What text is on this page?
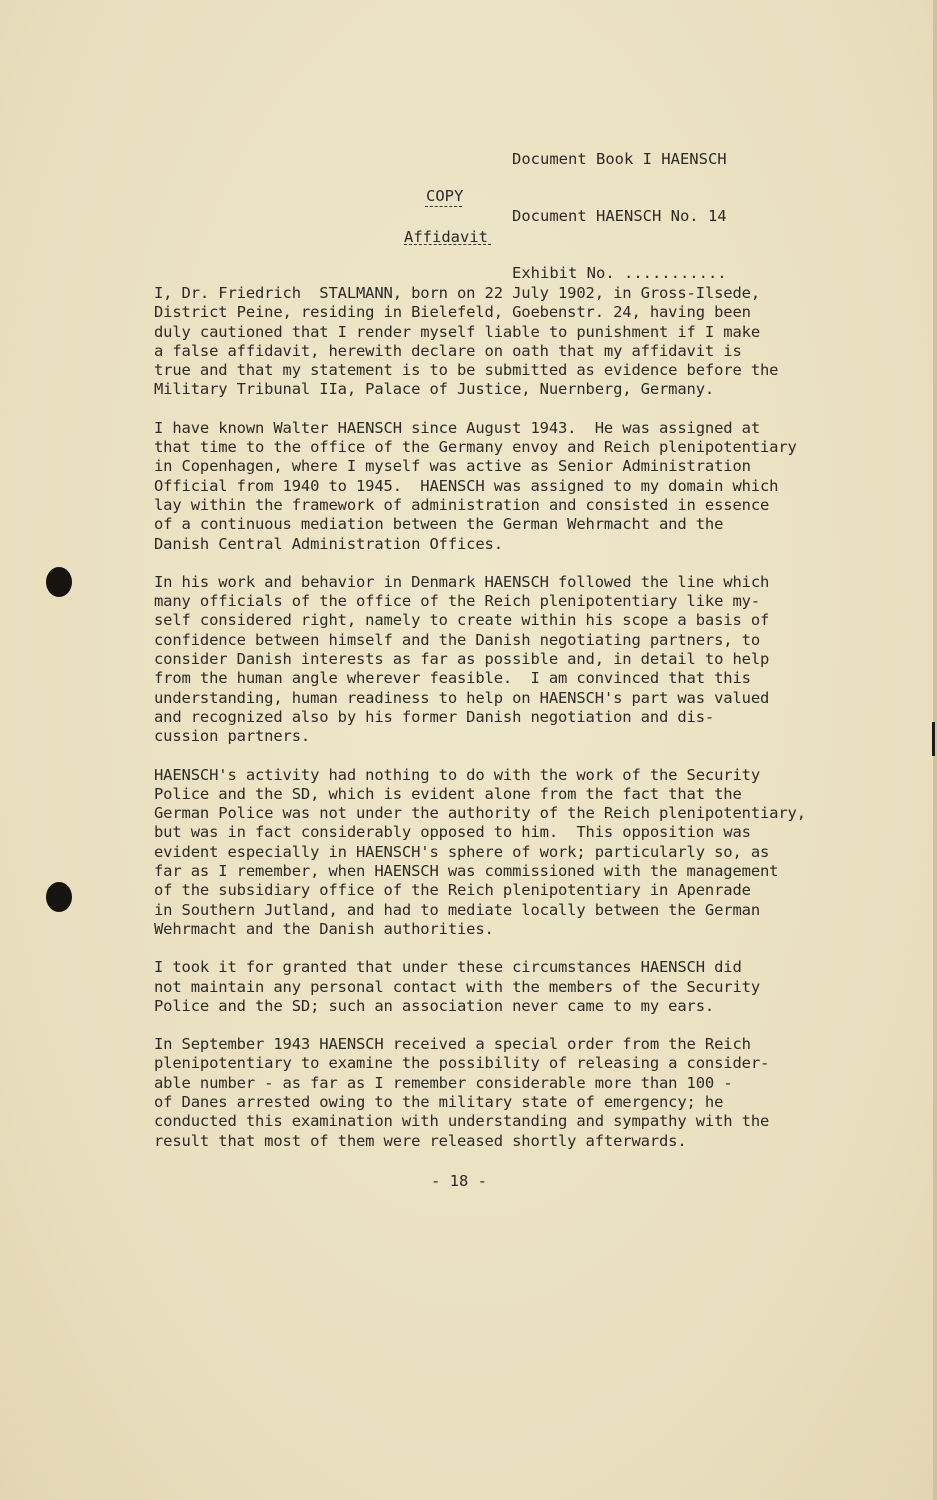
Document Book I HAENSCH

Document HAENSCH No. 14

Exhibit No. ...........

COPY
Affidavit
I, Dr. Friedrich  STALMANN, born on 22 July 1902, in Gross-Ilsede,
District Peine, residing in Bielefeld, Goebenstr. 24, having been
duly cautioned that I render myself liable to punishment if I make
a false affidavit, herewith declare on oath that my affidavit is
true and that my statement is to be submitted as evidence before the
Military Tribunal IIa, Palace of Justice, Nuernberg, Germany.
I have known Walter HAENSCH since August 1943.  He was assigned at
that time to the office of the Germany envoy and Reich plenipotentiary
in Copenhagen, where I myself was active as Senior Administration
Official from 1940 to 1945.  HAENSCH was assigned to my domain which
lay within the framework of administration and consisted in essence
of a continuous mediation between the German Wehrmacht and the
Danish Central Administration Offices.
In his work and behavior in Denmark HAENSCH followed the line which
many officials of the office of the Reich plenipotentiary like my-
self considered right, namely to create within his scope a basis of
confidence between himself and the Danish negotiating partners, to
consider Danish interests as far as possible and, in detail to help
from the human angle wherever feasible.  I am convinced that this
understanding, human readiness to help on HAENSCH's part was valued
and recognized also by his former Danish negotiation and dis-
cussion partners.
HAENSCH's activity had nothing to do with the work of the Security
Police and the SD, which is evident alone from the fact that the
German Police was not under the authority of the Reich plenipotentiary,
but was in fact considerably opposed to him.  This opposition was
evident especially in HAENSCH's sphere of work; particularly so, as
far as I remember, when HAENSCH was commissioned with the management
of the subsidiary office of the Reich plenipotentiary in Apenrade
in Southern Jutland, and had to mediate locally between the German
Wehrmacht and the Danish authorities.
I took it for granted that under these circumstances HAENSCH did
not maintain any personal contact with the members of the Security
Police and the SD; such an association never came to my ears.
In September 1943 HAENSCH received a special order from the Reich
plenipotentiary to examine the possibility of releasing a consider-
able number - as far as I remember considerable more than 100 -
of Danes arrested owing to the military state of emergency; he
conducted this examination with understanding and sympathy with the
result that most of them were released shortly afterwards.
- 18 -
